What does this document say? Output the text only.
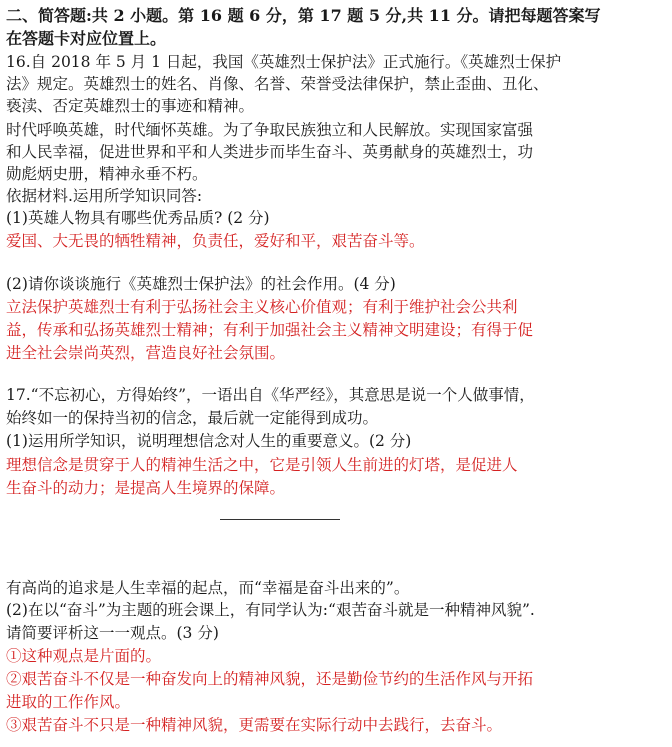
二、简答题:共 2 小题。第 16 题 6 分，第 17 题 5 分,共 11 分。请把每题答案写
在答题卡对应位置上。
16.自 2018 年 5 月 1 日起，我国《英雄烈士保护法》正式施行。《英雄烈士保护
法》规定。英雄烈士的姓名、肖像、名誉、荣誉受法律保护，禁止歪曲、丑化、
亵渎、否定英雄烈士的事迹和精神。
时代呼唤英雄，时代缅怀英雄。为了争取民族独立和人民解放。实现国家富强
和人民幸福，促进世界和平和人类进步而毕生奋斗、英勇献身的英雄烈士，功
勋彪炳史册，精神永垂不朽。
依据材料.运用所学知识同答:
(1)英雄人物具有哪些优秀品质? (2 分)
爱国、大无畏的牺牲精神，负责任，爱好和平，艰苦奋斗等。
(2)请你谈谈施行《英雄烈士保护法》的社会作用。(4 分)
立法保护英雄烈士有利于弘扬社会主义核心价值观；有利于维护社会公共利
益，传承和弘扬英雄烈士精神；有利于加强社会主义精神文明建设；有得于促
进全社会崇尚英烈，营造良好社会氛围。
17.“不忘初心，方得始终”，一语出自《华严经》，其意思是说一个人做事情，
始终如一的保持当初的信念，最后就一定能得到成功。
(1)运用所学知识，说明理想信念对人生的重要意义。(2 分)
理想信念是贯穿于人的精神生活之中，它是引领人生前进的灯塔，是促进人
生奋斗的动力；是提高人生境界的保障。
有高尚的追求是人生幸福的起点，而“幸福是奋斗出来的”。
(2)在以“奋斗”为主题的班会课上，有同学认为:“艰苦奋斗就是一种精神风貌”.
请简要评析这一一观点。(3 分)
①这种观点是片面的。
②艰苦奋斗不仅是一种奋发向上的精神风貌，还是勤俭节约的生活作风与开拓
进取的工作作风。
③艰苦奋斗不只是一种精神风貌，更需要在实际行动中去践行，去奋斗。
